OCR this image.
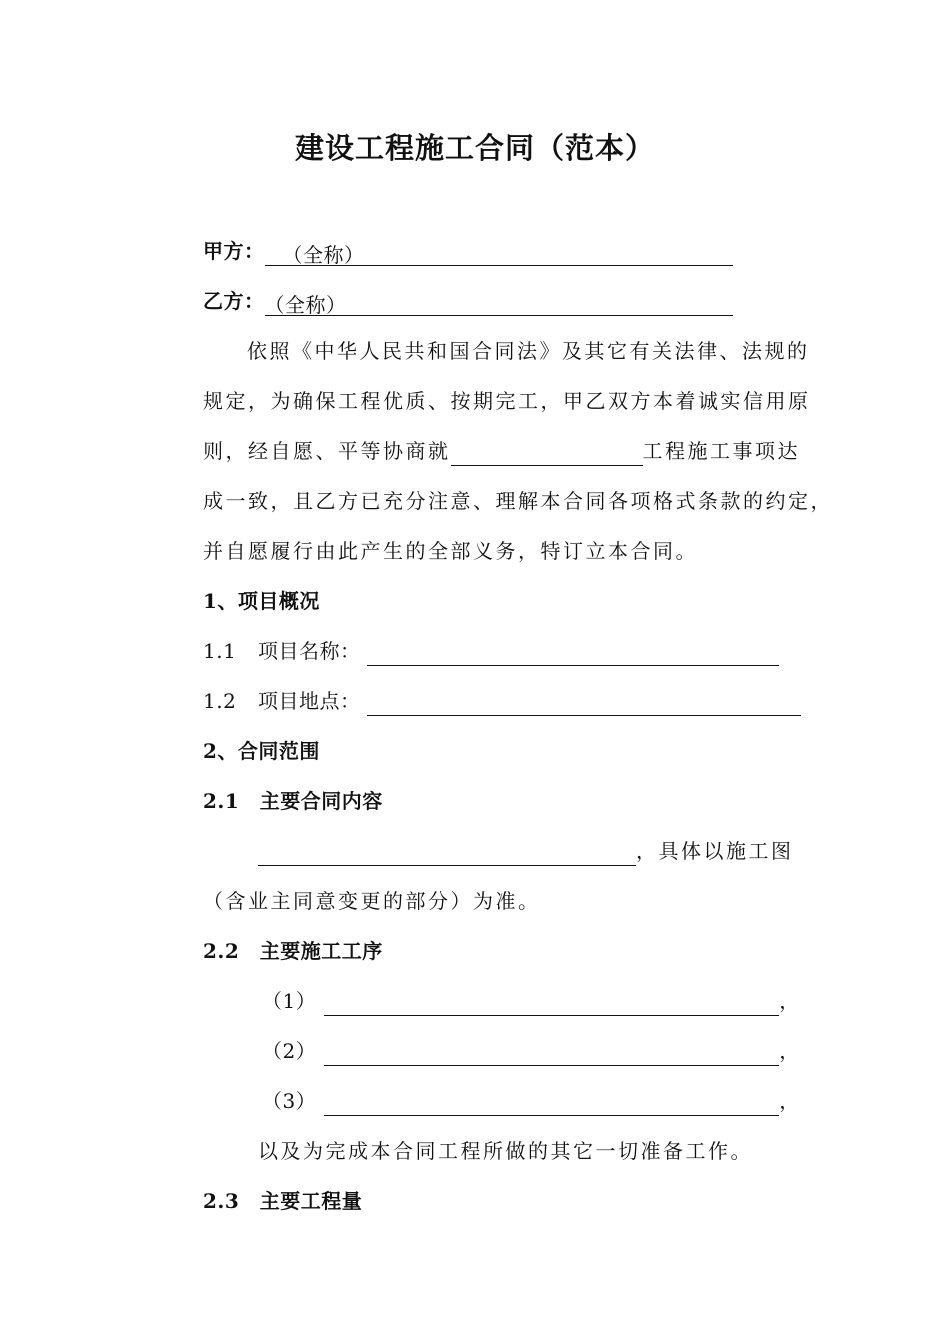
建设工程施工合同（范本）
甲方： （全称）
乙方：（全称）
依照《中华人民共和国合同法》及其它有关法律、法规的
规定，为确保工程优质、按期完工，甲乙双方本着诚实信用原
则，经自愿、平等协商就	工程施工事项达
成一致，且乙方已充分注意、理解本合同各项格式条款的约定，
并自愿履行由此产生的全部义务，特订立本合同。
1、项目概况
1.1 项目名称：
1.2 项目地点：
2、合同范围
2.1　主要合同内容
，具体以施工图
（含业主同意变更的部分）为准。
2.2　主要施工工序
（1）	，
（2）	，
（3）	，
以及为完成本合同工程所做的其它一切准备工作。
2.3　主要工程量
